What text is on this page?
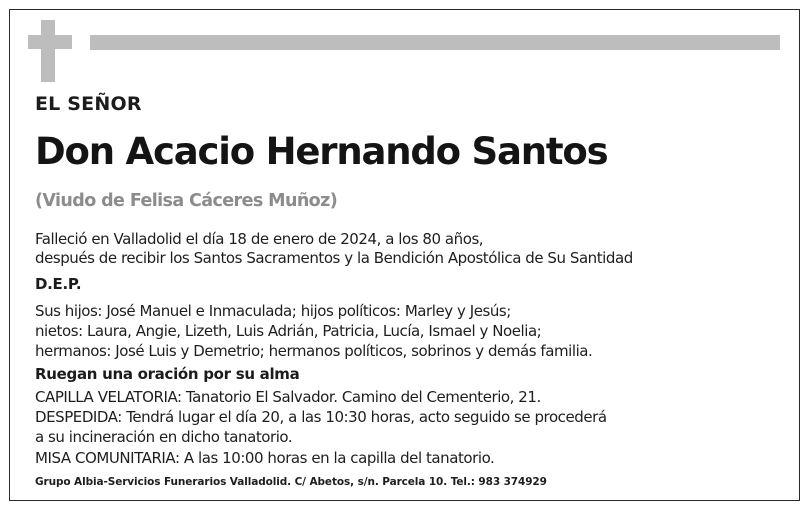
EL SEÑOR

Don Acacio Hernando Santos

(Viudo de Felisa Cáceres Muñoz)

Falleció en Valladolid el día 18 de enero de 2024, a los 80 años,

después de recibir los Santos Sacramentos y la Bendición Apostólica de Su Santidad

D.E.P.

Sus hijos: José Manuel e Inmaculada; hijos políticos: Marley y Jesús;

nietos: Laura, Angie, Lizeth, Luis Adrián, Patricia, Lucía, Ismael y Noelia;

hermanos: José Luis y Demetrio; hermanos políticos, sobrinos y demás familia.

Ruegan una oración por su alma

CAPILLA VELATORIA: Tanatorio El Salvador. Camino del Cementerio, 21.

DESPEDIDA: Tendrá lugar el día 20, a las 10:30 horas, acto seguido se procederá

a su incineración en dicho tanatorio.

MISA COMUNITARIA: A las 10:00 horas en la capilla del tanatorio.

Grupo Albia-Servicios Funerarios Valladolid. C/ Abetos, s/n. Parcela 10. Tel.: 983 374929
